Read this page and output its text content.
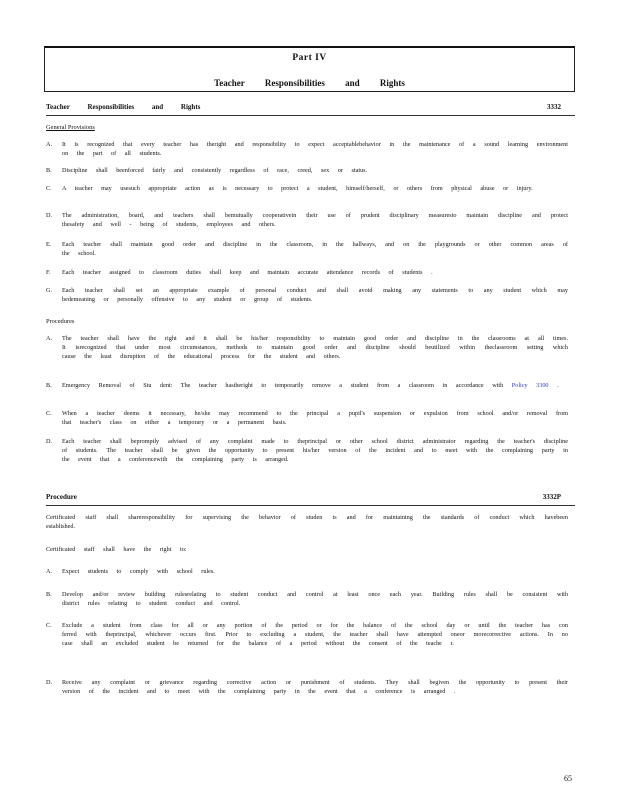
Part IV
Teacher Responsibilities and Rights
Teacher Responsibilities and Rights	3332
General Provisions
A.	It is recognized that every teacher has theright and responsibility to expect acceptablebehavior in the maintenance of a sound learning environment on the part of all students.
B.	Discipline shall beenforced fairly and consistently regardless of race, creed, sex or status.
C.	A teacher may usesuch appropriate action as is necessary to protect a student, himself/herself, or others from physical abuse or injury.
D.	The administration, board, and teachers shall bemutually cooperativein their use of prudent disciplinary measuresto maintain discipline and protect thesafety and well - being of students, employees and others.
E.	Each teacher shall maintain good order and discipline in the classroom, in the hallways, and on the playgrounds or other common areas of the school.
F.	Each teacher assigned to classroom duties shall keep and maintain accurate attendance records of students .
G.	Each teacher shall set an appropriate example of personal conduct and shall avoid making any statements to any student which may bedemeaning or personally offensive to any student or group of students.
Procedures
A.	The teacher shall have the right and it shall be his/her responsibility to maintain good order and discipline in the classrooms at all times. It isrecognized that under most circumstances, methods to maintain good order and discipline should beutilized within theclassroom setting which cause the least disruption of the educational process for the student and others.
B.	Emergency Removal of Stu dent: The teacher hastheright to temporarily remove a student from a classroom in accordance with Policy 3300 .
C.	When a teacher deems it necessary, he/she may recommend to the principal a pupil's suspension or expulsion from school and/or removal from that teacher's class on either a temporary or a permanent basis.
D.	Each teacher shall bepromptly advised of any complaint made to theprincipal or other school district administrator regarding the teacher's discipline of students. The teacher shall be given the opportunity to present his/her version of the incident and to meet with the complaining party in the event that a conferencewith the complaining party is arranged.
Procedure	3332P
Certificated staff shall shareresponsibility for supervising the behavior of studen ts and for maintaining the standards of conduct which havebeen established.
Certificated staff shall have the right to:
A.	Expect students to comply with school rules.
B.	Develop and/or review building rulesrelating to student conduct and control at least once each year. Building rules shall be consistent with district rules relating to student conduct and control.
C.	Exclude a student from class for all or any portion of the period or for the balance of the school day or until the teacher has con ferred with theprincipal, whichever occurs first. Prior to excluding a student, the teacher shall have attempted oneor morecorrective actions. In no case shall an excluded student be returned for the balance of a period without the consent of the teache r.
D.	Receive any complaint or grievance regarding corrective action or punishment of students. They shall begiven the opportunity to present their version of the incident and to meet with the complaining party in the event that a conference is arranged .
65
